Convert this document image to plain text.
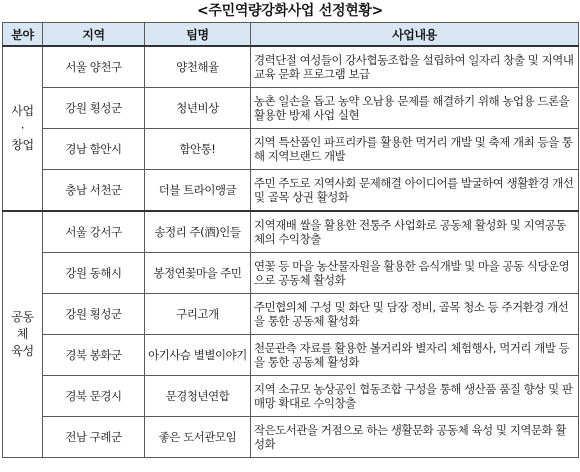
<주민역량강화사업 선정현황>
분야	지역	팀명	사업내용

사업
·
창업	서울 양천구	양천해율	경력단절 여성들이 강사협동조합을 설립하여 일자리 창출 및 지역내 교육 문화 프로그램 보급
	강원 횡성군	청년비상	농촌 일손을 돕고 농약 오남용 문제를 해결하기 위해 농업용 드론을 활용한 방제 사업 실현
	경남 함안시	함안통!	지역 특산품인 파프리카를 활용한 먹거리 개발 및 축제 개최 등을 통해 지역브랜드 개발
	충남 서천군	더블 트라이앵글	주민 주도로 지역사회 문제해결 아이디어를 발굴하여 생활환경 개선 및 골목 상권 활성화

공동
체
육성	서울 강서구	송정리 주(酒)인들	지역재배 쌀을 활용한 전통주 사업화로 공동체 활성화 및 지역공동체의 수익창출
	강원 동해시	봉정연꽃마을 주민	연꽃 등 마을 농산물자원을 활용한 음식개발 및 마을 공동 식당운영으로 공동체 활성화
	강원 횡성군	구리고개	주민협의체 구성 및 화단 및 담장 정비, 골목 청소 등 주거환경 개선을 통한 공동체 활성화
	경북 봉화군	아기사슴 별별이야기	천문관측 자료를 활용한 볼거리와 별자리 체험행사, 먹거리 개발 등을 통한 공동체 활성화
	경북 문경시	문경청년연합	지역 소규모 농상공인 협동조합 구성을 통해 생산품 품질 향상 및 판매망 확대로 수익창출
	전남 구례군	좋은 도서관모임	작은도서관을 거점으로 하는 생활문화 공동체 육성 및 지역문화 활성화
